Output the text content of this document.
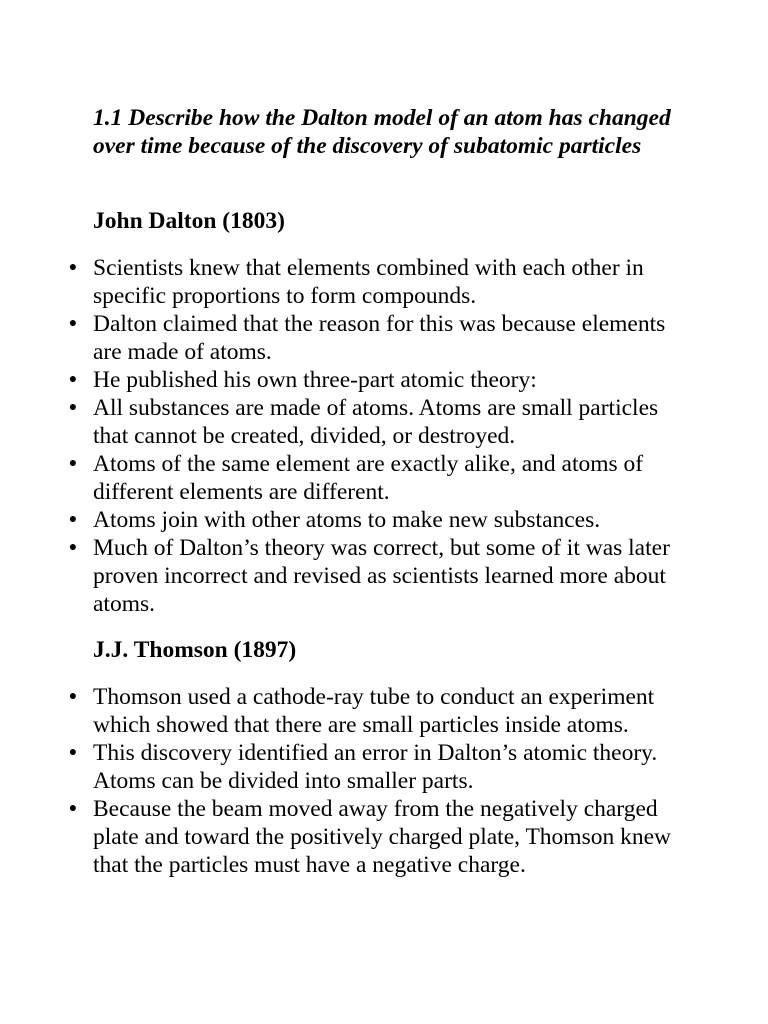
1.1 Describe how the Dalton model of an atom has changed over time because of the discovery of subatomic particles

John Dalton (1803)

● Scientists knew that elements combined with each other in specific proportions to form compounds.
● Dalton claimed that the reason for this was because elements are made of atoms.
● He published his own three-part atomic theory:
● All substances are made of atoms. Atoms are small particles that cannot be created, divided, or destroyed.
● Atoms of the same element are exactly alike, and atoms of different elements are different.
● Atoms join with other atoms to make new substances.
● Much of Dalton’s theory was correct, but some of it was later proven incorrect and revised as scientists learned more about atoms.

J.J. Thomson (1897)

● Thomson used a cathode-ray tube to conduct an experiment which showed that there are small particles inside atoms.
● This discovery identified an error in Dalton’s atomic theory. Atoms can be divided into smaller parts.
● Because the beam moved away from the negatively charged plate and toward the positively charged plate, Thomson knew that the particles must have a negative charge.
